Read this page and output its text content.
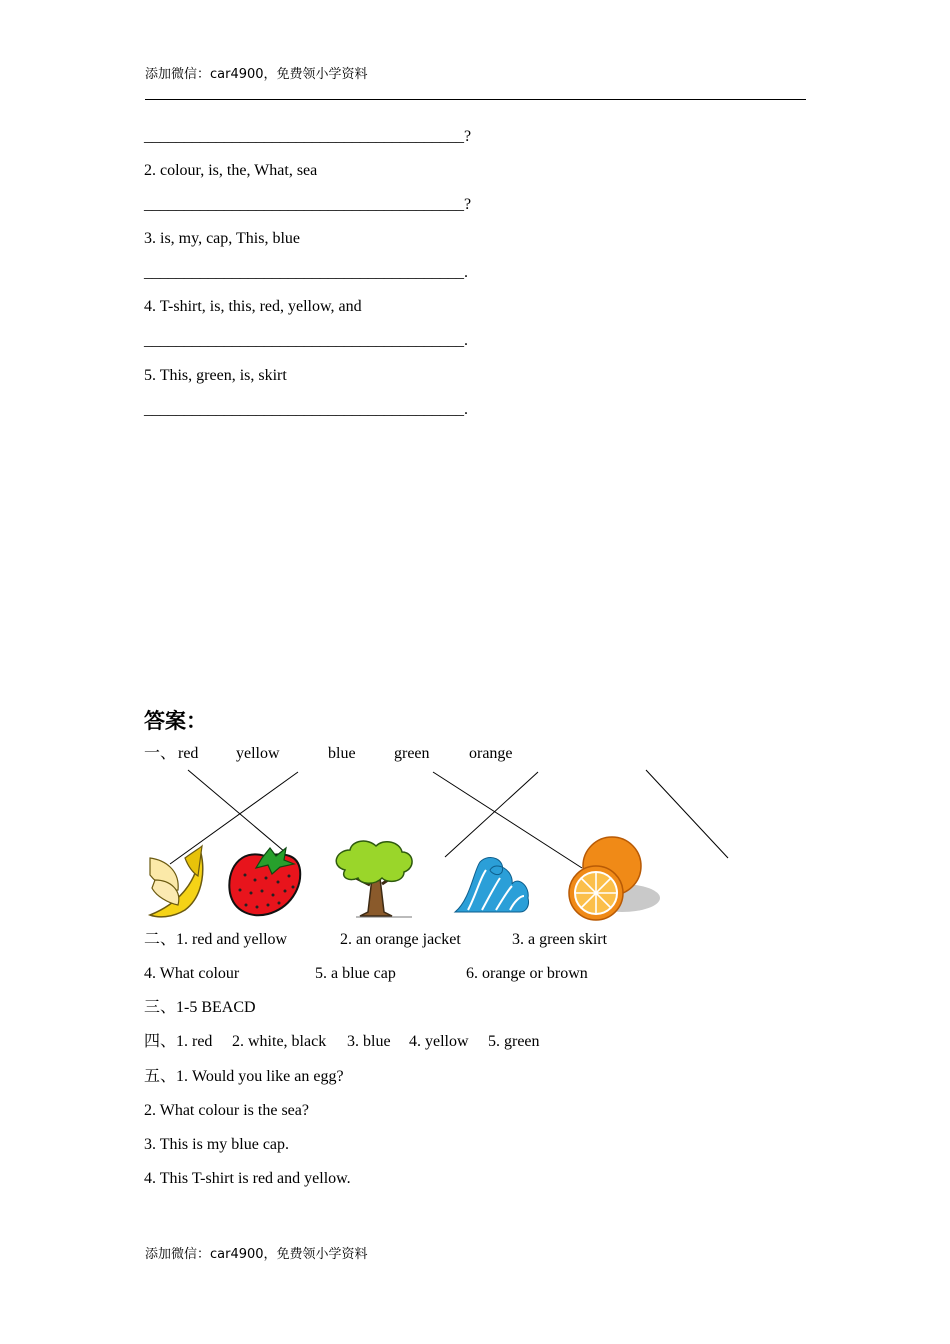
添加微信：car4900，免费领小学资料
________________________________________?
2. colour, is, the, What, sea
________________________________________?
3. is, my, cap, This, blue
________________________________________.
4. T-shirt, is, this, red, yellow, and
________________________________________.
5. This, green, is, skirt
________________________________________.
答案：
一、 red yellow	blue green orange
二、1. red and yellow	2. an orange jacket	3. a green skirt
4. What colour	5. a blue cap	6. orange or brown
三、1-5 BEACD
四、1. red 2. white, black 3. blue 4. yellow 5. green
五、1. Would you like an egg?
2. What colour is the sea?
3. This is my blue cap.
4. This T-shirt is red and yellow.
添加微信：car4900，免费领小学资料
